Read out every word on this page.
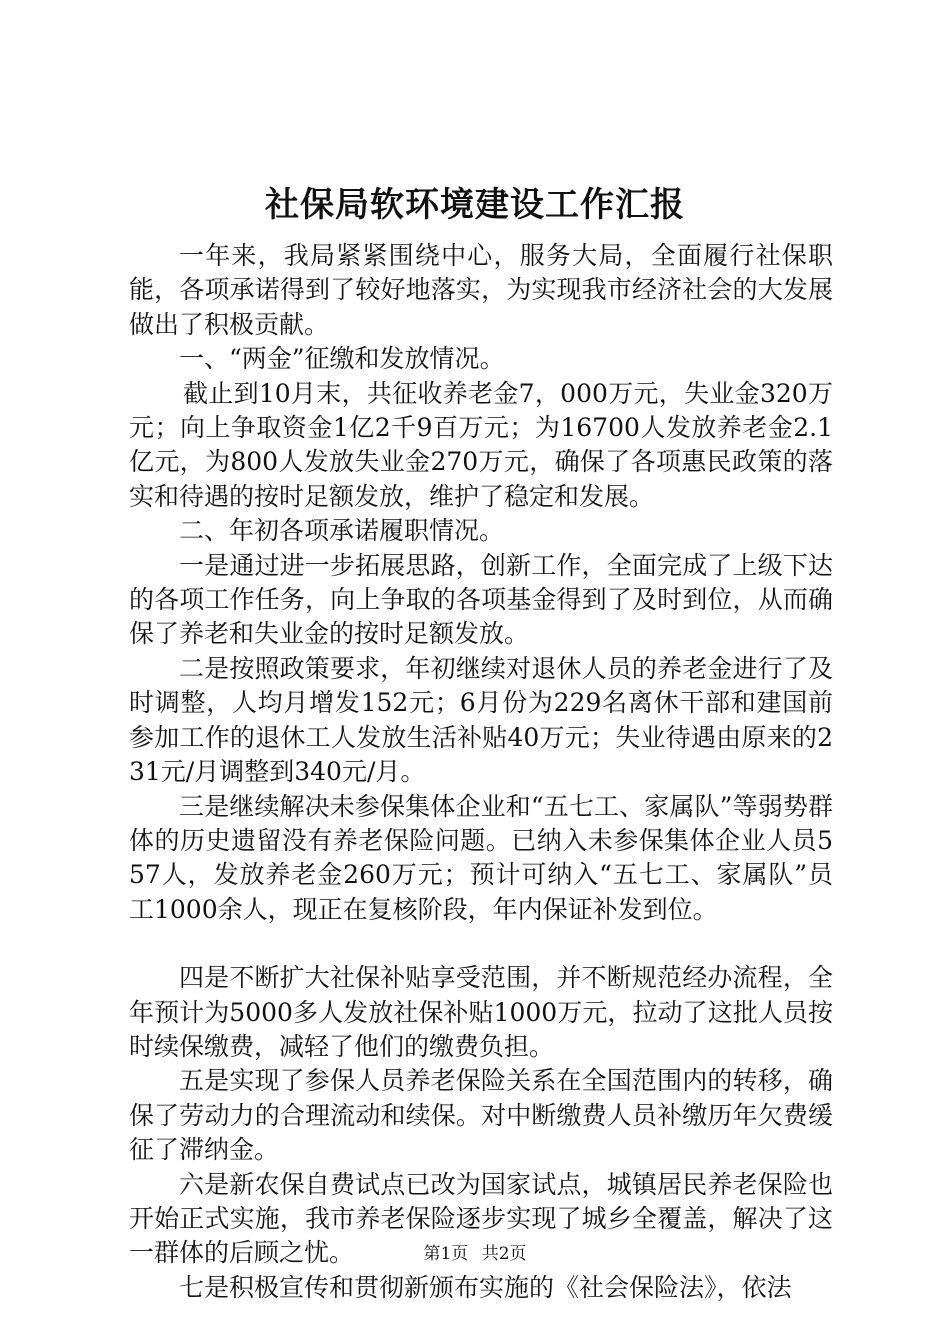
社保局软环境建设工作汇报

一年来，我局紧紧围绕中心，服务大局，全面履行社保职能，各项承诺得到了较好地落实，为实现我市经济社会的大发展做出了积极贡献。

一、“两金”征缴和发放情况。

截止到10月末，共征收养老金7，000万元，失业金320万元；向上争取资金1亿2千9百万元；为16700人发放养老金2.1亿元，为800人发放失业金270万元，确保了各项惠民政策的落实和待遇的按时足额发放，维护了稳定和发展。

二、年初各项承诺履职情况。

一是通过进一步拓展思路，创新工作，全面完成了上级下达的各项工作任务，向上争取的各项基金得到了及时到位，从而确保了养老和失业金的按时足额发放。

二是按照政策要求，年初继续对退休人员的养老金进行了及时调整，人均月增发152元；6月份为229名离休干部和建国前参加工作的退休工人发放生活补贴40万元；失业待遇由原来的231元/月调整到340元/月。

三是继续解决未参保集体企业和“五七工、家属队”等弱势群体的历史遗留没有养老保险问题。已纳入未参保集体企业人员557人，发放养老金260万元；预计可纳入“五七工、家属队”员工1000余人，现正在复核阶段，年内保证补发到位。

四是不断扩大社保补贴享受范围，并不断规范经办流程，全年预计为5000多人发放社保补贴1000万元，拉动了这批人员按时续保缴费，减轻了他们的缴费负担。

五是实现了参保人员养老保险关系在全国范围内的转移，确保了劳动力的合理流动和续保。对中断缴费人员补缴历年欠费缓征了滞纳金。

六是新农保自费试点已改为国家试点，城镇居民养老保险也开始正式实施，我市养老保险逐步实现了城乡全覆盖，解决了这一群体的后顾之忧。

七是积极宣传和贯彻新颁布实施的《社会保险法》，依法

第1页 共2页
